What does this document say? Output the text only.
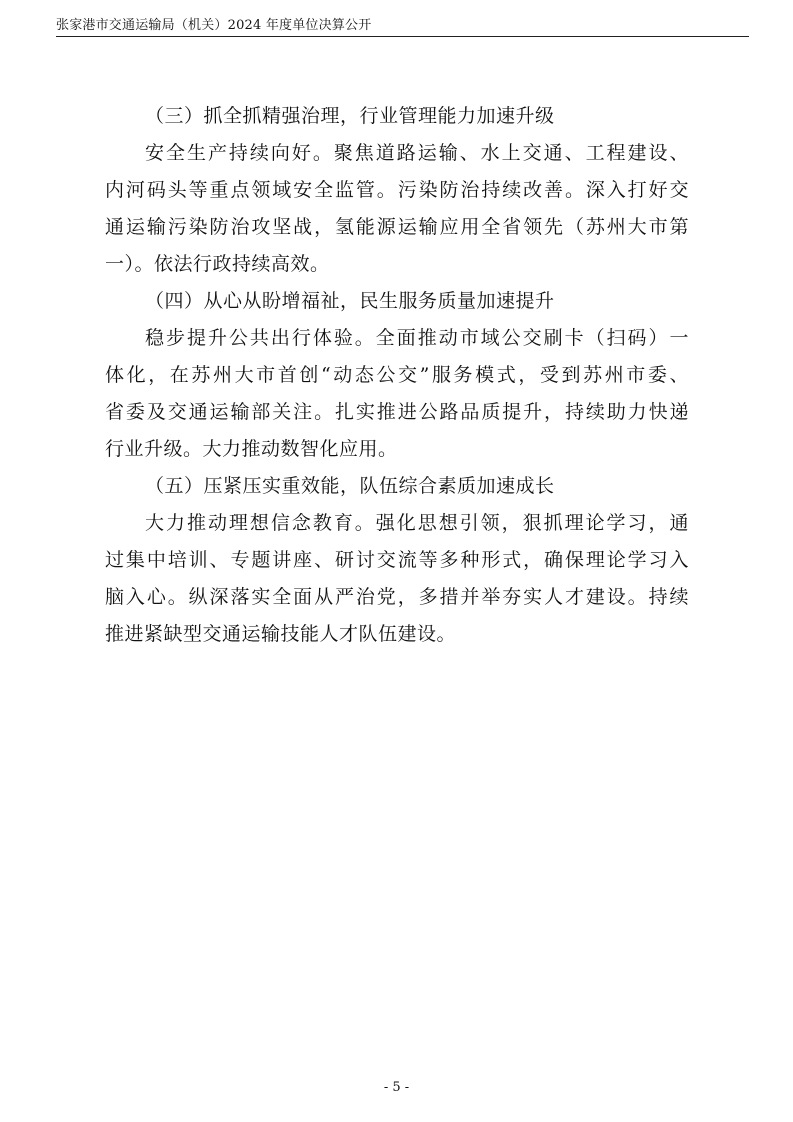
张家港市交通运输局（机关）2024 年度单位决算公开
（三）抓全抓精强治理，行业管理能力加速升级
安全生产持续向好。聚焦道路运输、水上交通、工程建设、
内河码头等重点领域安全监管。污染防治持续改善。深入打好交
通运输污染防治攻坚战，氢能源运输应用全省领先（苏州大市第
一）。依法行政持续高效。
（四）从心从盼增福祉，民生服务质量加速提升
稳步提升公共出行体验。全面推动市域公交刷卡（扫码）一
体化，在苏州大市首创“动态公交”服务模式，受到苏州市委、
省委及交通运输部关注。扎实推进公路品质提升，持续助力快递
行业升级。大力推动数智化应用。
（五）压紧压实重效能，队伍综合素质加速成长
大力推动理想信念教育。强化思想引领，狠抓理论学习，通
过集中培训、专题讲座、研讨交流等多种形式，确保理论学习入
脑入心。纵深落实全面从严治党，多措并举夯实人才建设。持续
推进紧缺型交通运输技能人才队伍建设。
- 5 -
